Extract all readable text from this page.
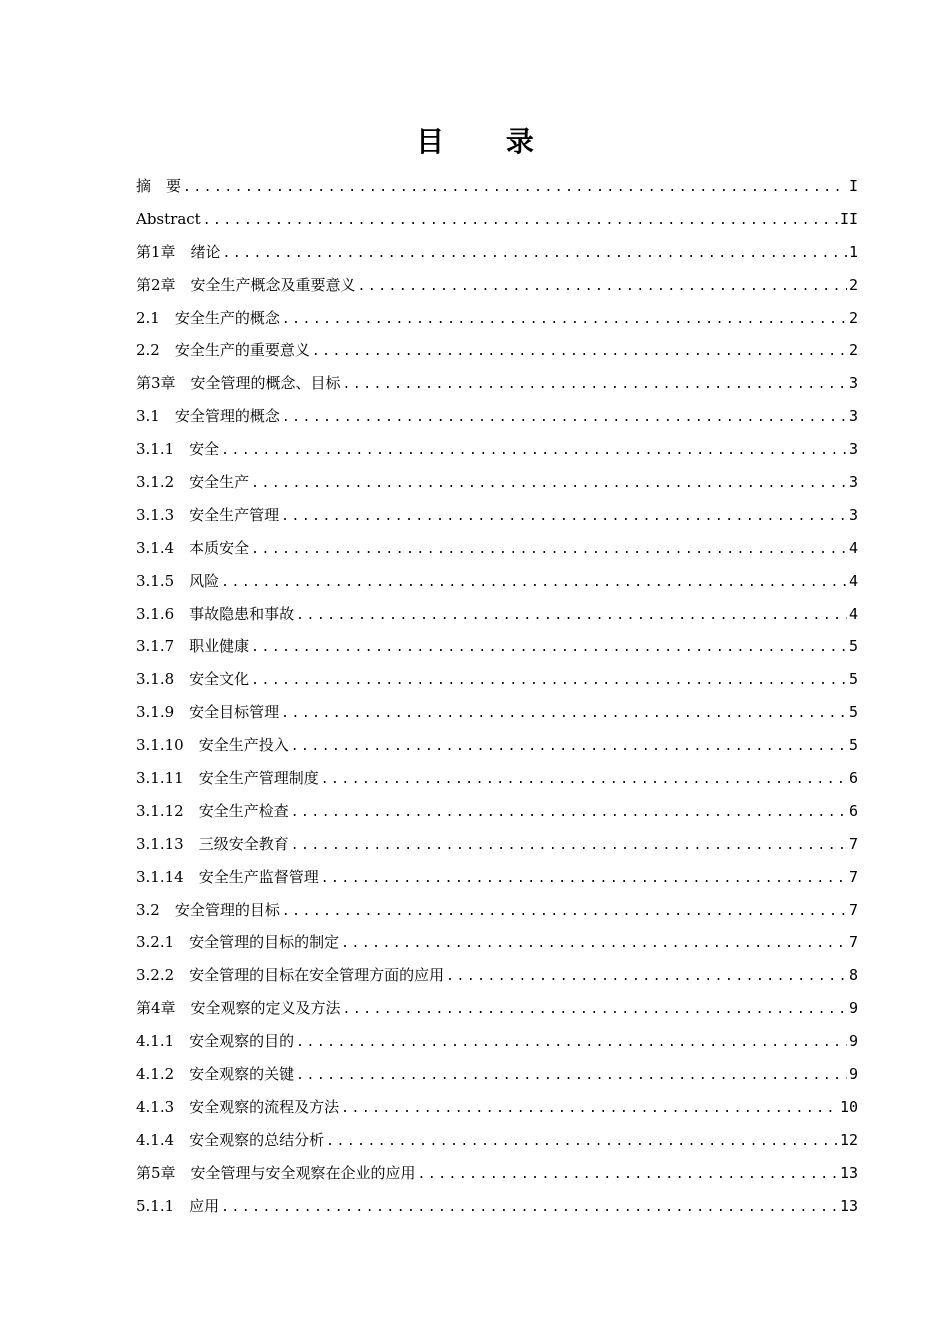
目 录
摘　要 .....	I
Abstract .....	II
第1章　绪论 .....	1
第2章　安全生产概念及重要意义 .....	2
2.1　安全生产的概念 .....	2
2.2　安全生产的重要意义 .....	2
第3章　安全管理的概念、目标 .....	3
3.1　安全管理的概念 .....	3
3.1.1　安全 .....	3
3.1.2　安全生产 .....	3
3.1.3　安全生产管理 .....	3
3.1.4　本质安全 .....	4
3.1.5　风险 .....	4
3.1.6　事故隐患和事故 .....	4
3.1.7　职业健康 .....	5
3.1.8　安全文化 .....	5
3.1.9　安全目标管理 .....	5
3.1.10　安全生产投入 .....	5
3.1.11　安全生产管理制度 .....	6
3.1.12　安全生产检查 .....	6
3.1.13　三级安全教育 .....	7
3.1.14　安全生产监督管理 .....	7
3.2　安全管理的目标 .....	7
3.2.1　安全管理的目标的制定 .....	7
3.2.2　安全管理的目标在安全管理方面的应用 .....	8
第4章　安全观察的定义及方法 .....	9
4.1.1　安全观察的目的 .....	9
4.1.2　安全观察的关键 .....	9
4.1.3　安全观察的流程及方法 .....	10
4.1.4　安全观察的总结分析 .....	12
第5章　安全管理与安全观察在企业的应用 .....	13
5.1.1　应用 .....	13
